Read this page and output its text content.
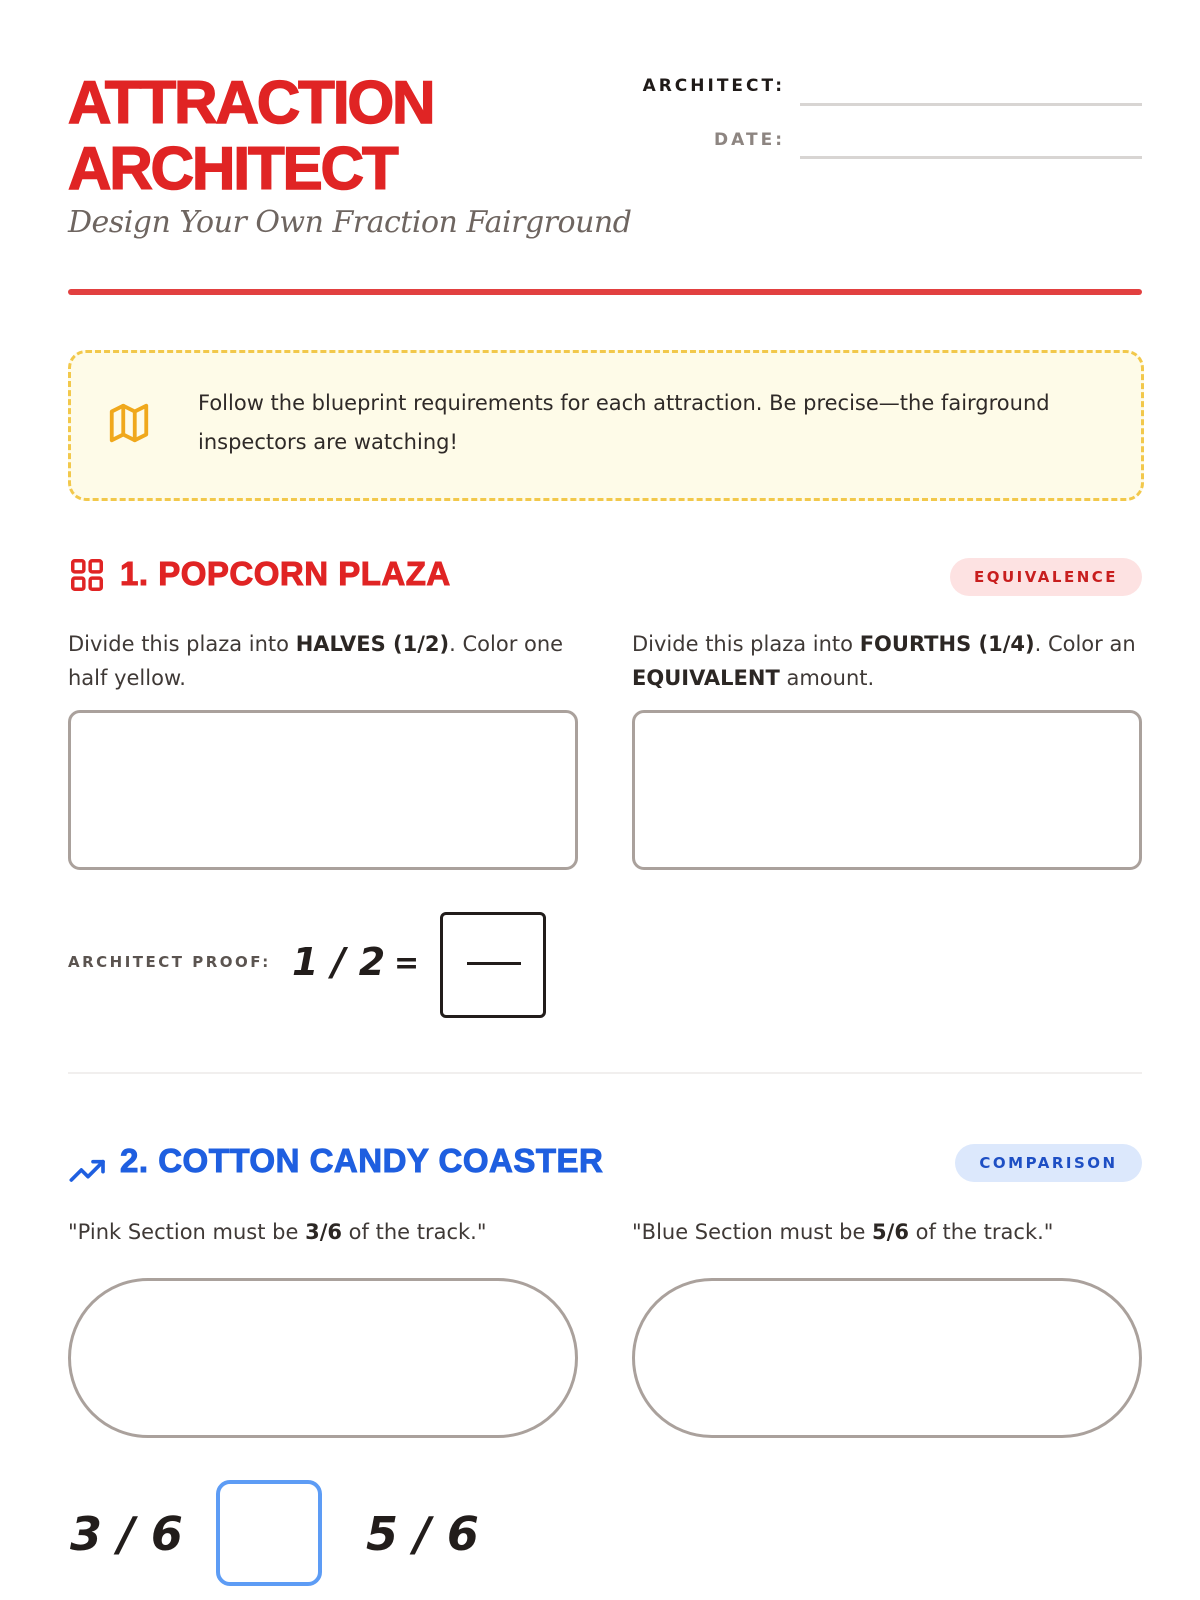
ATTRACTION
ARCHITECT
Design Your Own Fraction Fairground
ARCHITECT:
DATE:
Follow the blueprint requirements for each attraction. Be precise—the fairground inspectors are watching!
1. POPCORN PLAZA	EQUIVALENCE
Divide this plaza into HALVES (1/2). Color one half yellow.
Divide this plaza into FOURTHS (1/4). Color an EQUIVALENT amount.
ARCHITECT PROOF: 1 / 2 =
2. COTTON CANDY COASTER	COMPARISON
"Pink Section must be 3/6 of the track."	"Blue Section must be 5/6 of the track."
3 / 6	5 / 6
